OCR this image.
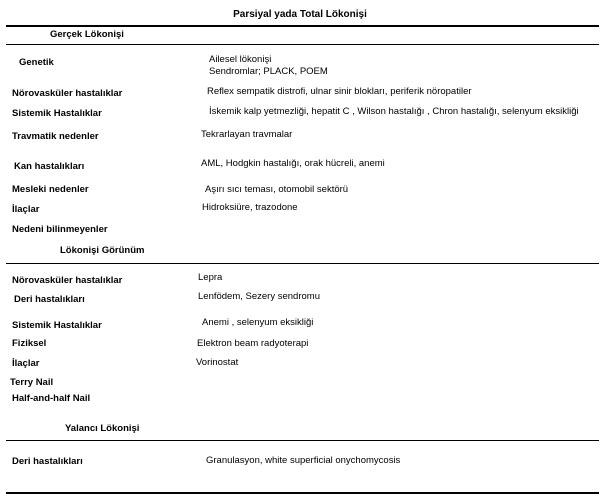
Parsiyal yada Total Lökonişi
Gerçek Lökonişi
Genetik	Ailesel lökonişi
Sendromlar; PLACK, POEM
Nörovasküler hastalıklar	Reflex sempatik distrofi, ulnar sinir blokları, periferik nöropatiler
Sistemik Hastalıklar	İskemik kalp yetmezliği, hepatit C , Wilson hastalığı , Chron hastalığı, selenyum eksikliği
Travmatik nedenler	Tekrarlayan travmalar
Kan hastalıkları	AML, Hodgkin hastalığı, orak hücreli, anemi
Mesleki nedenler	Aşırı sıcı teması, otomobil sektörü
İlaçlar	Hidroksiüre, trazodone
Nedeni bilinmeyenler
Lökonişi Görünüm
Nörovasküler hastalıklar	Lepra
Deri hastalıkları	Lenfödem, Sezery sendromu
Sistemik Hastalıklar	Anemi , selenyum eksikliği
Fiziksel	Elektron beam radyoterapi
İlaçlar	Vorinostat
Terry Nail
Half-and-half Nail
Yalancı Lökonişi
Deri hastalıkları	Granulasyon, white superficial onychomycosis
